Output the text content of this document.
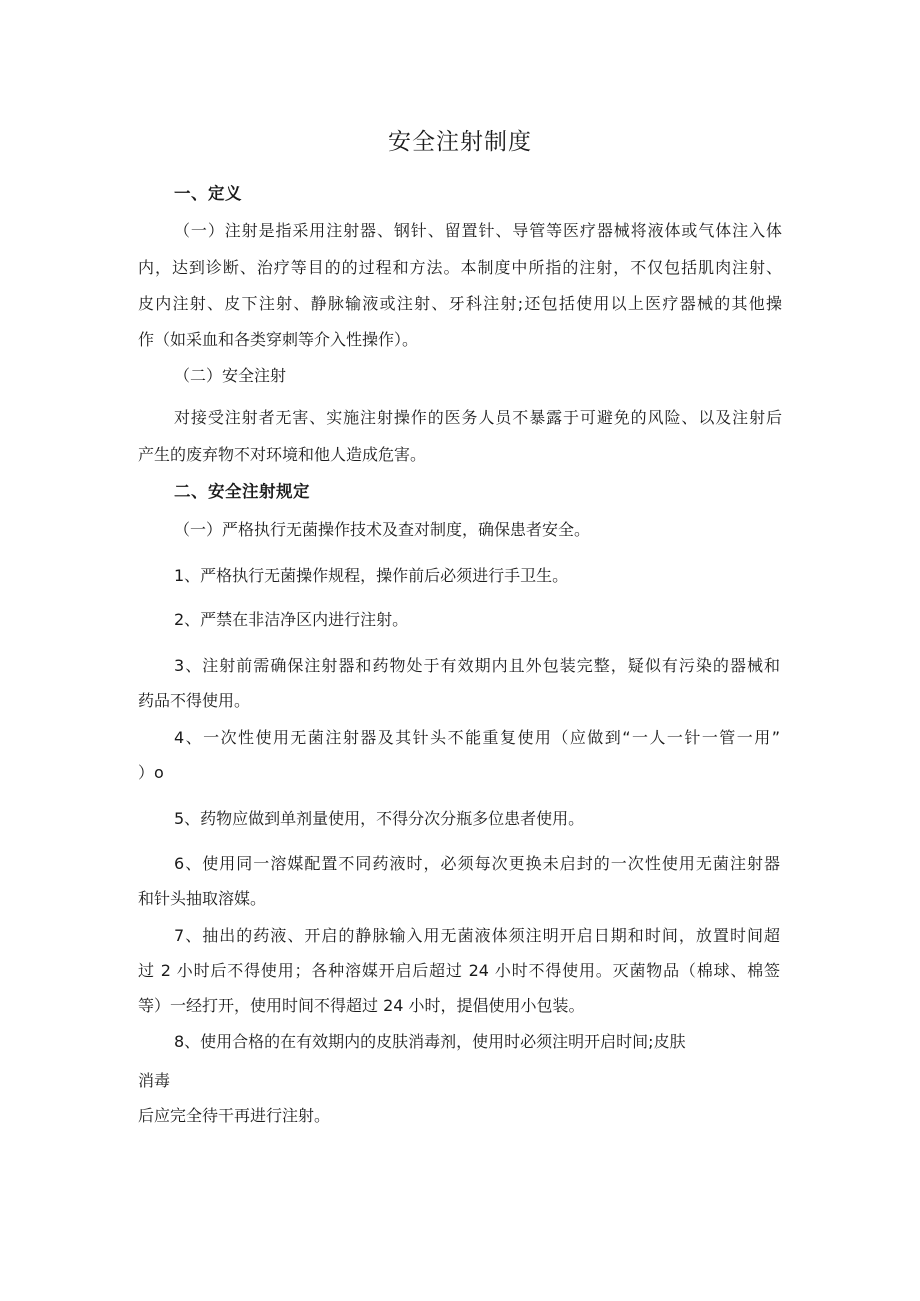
安全注射制度

一、定义

（一）注射是指采用注射器、钢针、留置针、导管等医疗器械将液体或气体注入体

内，达到诊断、治疗等目的的过程和方法。本制度中所指的注射，不仅包括肌肉注射、

皮内注射、皮下注射、静脉输液或注射、牙科注射;还包括使用以上医疗器械的其他操

作（如采血和各类穿刺等介入性操作）。

（二）安全注射

对接受注射者无害、实施注射操作的医务人员不暴露于可避免的风险、以及注射后

产生的废弃物不对环境和他人造成危害。

二、安全注射规定

（一）严格执行无菌操作技术及查对制度，确保患者安全。

1、严格执行无菌操作规程，操作前后必须进行手卫生。

2、严禁在非洁净区内进行注射。

3、注射前需确保注射器和药物处于有效期内且外包装完整，疑似有污染的器械和

药品不得使用。

4、一次性使用无菌注射器及其针头不能重复使用（应做到“一人一针一管一用”

）o

5、药物应做到单剂量使用，不得分次分瓶多位患者使用。

6、使用同一溶媒配置不同药液时，必须每次更换未启封的一次性使用无菌注射器

和针头抽取溶媒。

7、抽出的药液、开启的静脉输入用无菌液体须注明开启日期和时间，放置时间超

过 2 小时后不得使用；各种溶媒开启后超过 24 小时不得使用。灭菌物品（棉球、棉签

等）一经打开，使用时间不得超过 24 小时，提倡使用小包装。

8、使用合格的在有效期内的皮肤消毒剂，使用时必须注明开启时间;皮肤

消毒

后应完全待干再进行注射。
